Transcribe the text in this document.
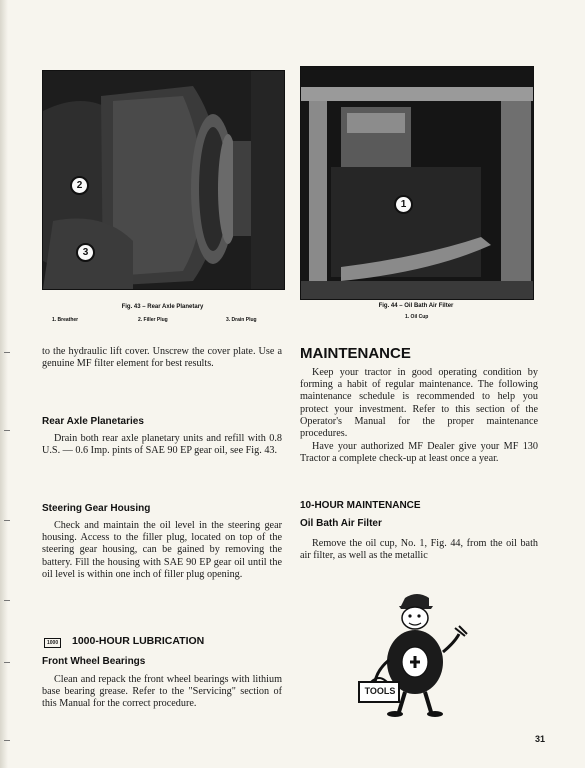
2
3
Fig. 43 – Rear Axle Planetary
1. Breather	2. Filler Plug	3. Drain Plug
1
Fig. 44 – Oil Bath Air Filter
1. Oil Cup

to the hydraulic lift cover. Unscrew the cover plate. Use a genuine MF filter element for best results.

Rear Axle Planetaries

Drain both rear axle planetary units and refill with 0.8 U.S. — 0.6 Imp. pints of SAE 90 EP gear oil, see Fig. 43.

Steering Gear Housing

Check and maintain the oil level in the steering gear housing. Access to the filler plug, located on top of the steering gear housing, can be gained by removing the battery. Fill the housing with SAE 90 EP gear oil until the oil level is within one inch of filler plug opening.

1000 1000-HOUR LUBRICATION
Front Wheel Bearings

Clean and repack the front wheel bearings with lithium base bearing grease. Refer to the "Servicing" section of this Manual for the correct procedure.

MAINTENANCE

Keep your tractor in good operating condition by forming a habit of regular maintenance. The following maintenance schedule is recommended to help you protect your investment. Refer to this section of the Operator's Manual for the proper maintenance procedures.

Have your authorized MF Dealer give your MF 130 Tractor a complete check-up at least once a year.

10-HOUR MAINTENANCE
Oil Bath Air Filter

Remove the oil cup, No. 1, Fig. 44, from the oil bath air filter, as well as the metallic

TOOLS
31
